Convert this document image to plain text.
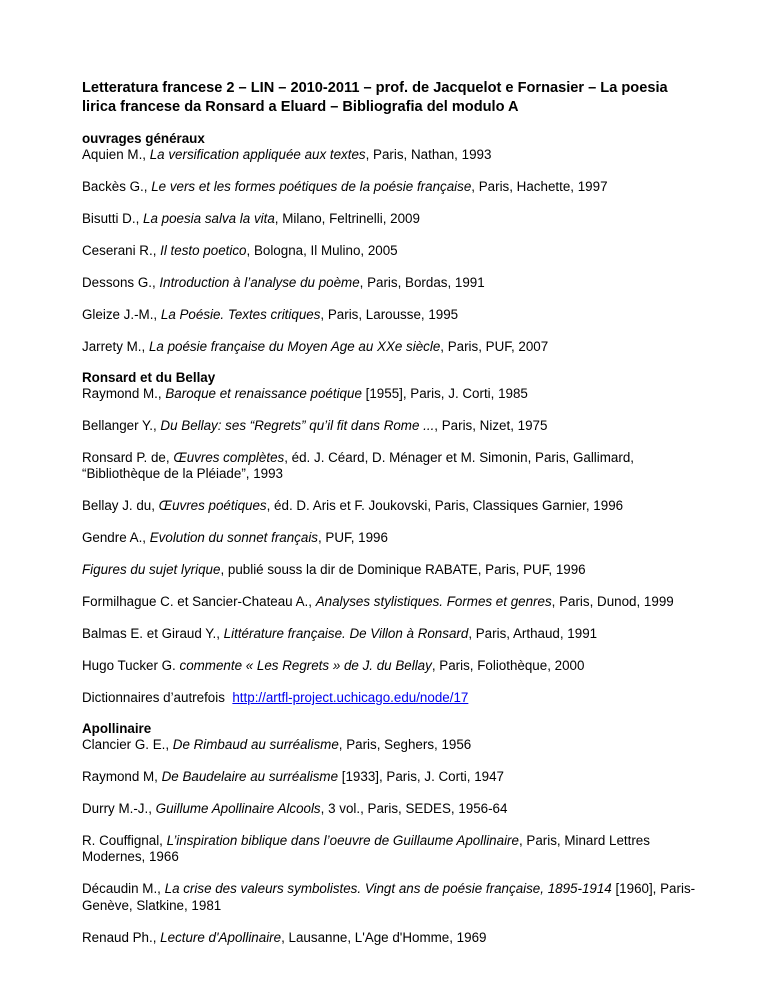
Letteratura francese 2 – LIN – 2010-2011 – prof. de Jacquelot e Fornasier – La poesia lirica francese da Ronsard a Eluard – Bibliografia del modulo A

ouvrages généraux

Aquien M., La versification appliquée aux textes, Paris, Nathan, 1993

Backès G., Le vers et les formes poétiques de la poésie française, Paris, Hachette, 1997

Bisutti D., La poesia salva la vita, Milano, Feltrinelli, 2009

Ceserani R., Il testo poetico, Bologna, Il Mulino, 2005

Dessons G., Introduction à l’analyse du poème, Paris, Bordas, 1991

Gleize J.-M., La Poésie. Textes critiques, Paris, Larousse, 1995

Jarrety M., La poésie française du Moyen Age au XXe siècle, Paris, PUF, 2007

Ronsard et du Bellay

Raymond M., Baroque et renaissance poétique [1955], Paris, J. Corti, 1985

Bellanger Y., Du Bellay: ses “Regrets” qu’il fit dans Rome ..., Paris, Nizet, 1975

Ronsard P. de, Œuvres complètes, éd. J. Céard, D. Ménager et M. Simonin, Paris, Gallimard, “Bibliothèque de la Pléiade”, 1993

Bellay J. du, Œuvres poétiques, éd. D. Aris et F. Joukovski, Paris, Classiques Garnier, 1996

Gendre A., Evolution du sonnet français, PUF, 1996

Figures du sujet lyrique, publié souss la dir de Dominique RABATE, Paris, PUF, 1996

Formilhague C. et Sancier-Chateau A., Analyses stylistiques. Formes et genres, Paris, Dunod, 1999

Balmas E. et Giraud Y., Littérature française. De Villon à Ronsard, Paris, Arthaud, 1991

Hugo Tucker G. commente « Les Regrets » de J. du Bellay, Paris, Foliothèque, 2000

Dictionnaires d’autrefois  http://artfl-project.uchicago.edu/node/17

Apollinaire

Clancier G. E., De Rimbaud au surréalisme, Paris, Seghers, 1956

Raymond M, De Baudelaire au surréalisme [1933], Paris, J. Corti, 1947

Durry M.-J., Guillume Apollinaire Alcools, 3 vol., Paris, SEDES, 1956-64

R. Couffignal, L’inspiration biblique dans l’oeuvre de Guillaume Apollinaire, Paris, Minard Lettres Modernes, 1966

Décaudin M., La crise des valeurs symbolistes. Vingt ans de poésie française, 1895-1914 [1960], Paris-Genève, Slatkine, 1981

Renaud Ph., Lecture d'Apollinaire, Lausanne, L'Age d'Homme, 1969
